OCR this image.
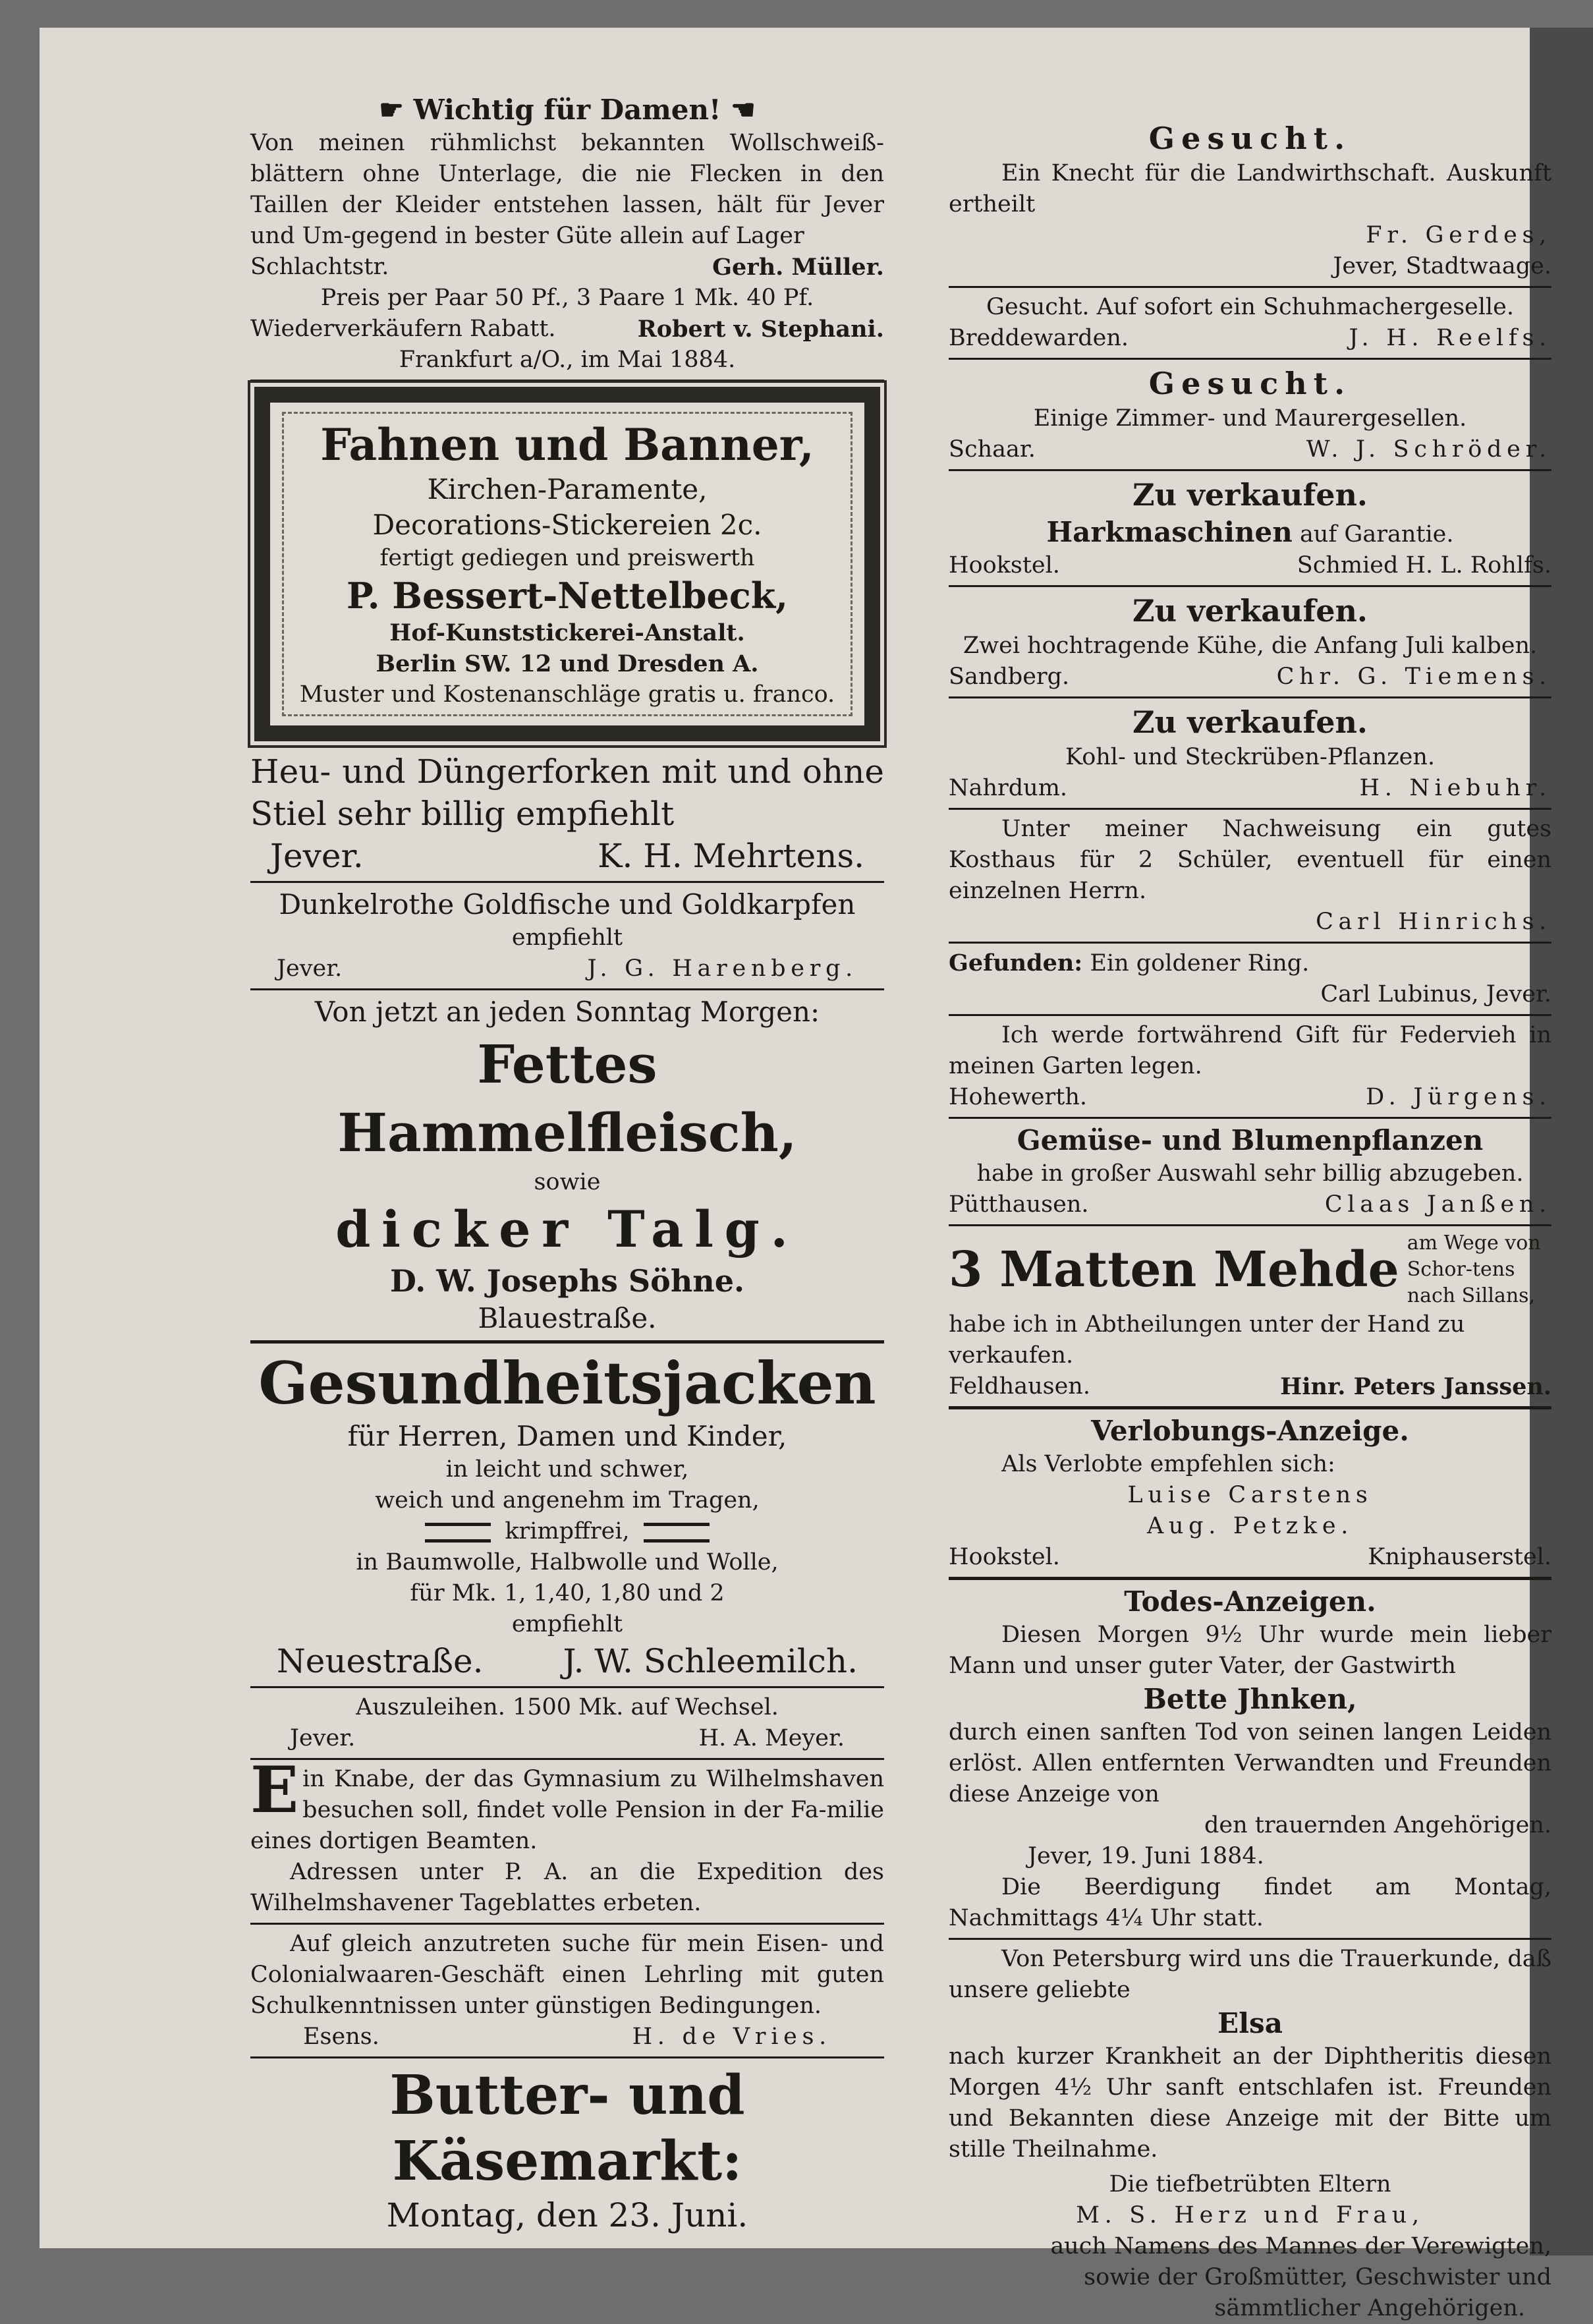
☛ Wichtig für Damen! ☚
Von meinen rühmlichst bekannten Wollschweiß-blättern ohne Unterlage, die nie Flecken in den Taillen der Kleider entstehen lassen, hält für Jever und Um-gegend in bester Güte allein auf Lager
Schlachtstr.	Gerh. Müller.
Preis per Paar 50 Pf., 3 Paare 1 Mk. 40 Pf.
Wiederverkäufern Rabatt.	Robert v. Stephani.
Frankfurt a/O., im Mai 1884.
Fahnen und Banner,
Kirchen-Paramente,
Decorations-Stickereien 2c.
fertigt gediegen und preiswerth
P. Bessert-Nettelbeck,
Hof-Kunststickerei-Anstalt.
Berlin SW. 12 und Dresden A.
Muster und Kostenanschläge gratis u. franco.
Heu- und Düngerforken mit und ohne Stiel sehr billig empfiehlt
Jever.	K. H. Mehrtens.
Dunkelrothe Goldfische und Goldkarpfen
empfiehlt
Jever.	J. G. Harenberg.
Von jetzt an jeden Sonntag Morgen:
Fettes Hammelfleisch,
sowie
dicker Talg.
D. W. Josephs Söhne.
Blauestraße.
Gesundheitsjacken
für Herren, Damen und Kinder,
in leicht und schwer,
weich und angenehm im Tragen,
krimpffrei,
in Baumwolle, Halbwolle und Wolle,
für Mk. 1, 1,40, 1,80 und 2
empfiehlt
Neuestraße. J. W. Schleemilch.
Auszuleihen. 1500 Mk. auf Wechsel.
Jever.	H. A. Meyer.
E in Knabe, der das Gymnasium zu Wilhelmshaven besuchen soll, findet volle Pension in der Fa-milie eines dortigen Beamten.
Adressen unter P. A. an die Expedition des Wilhelmshavener Tageblattes erbeten.
Auf gleich anzutreten suche für mein Eisen- und Colonialwaaren-Geschäft einen Lehrling mit guten Schulkenntnissen unter günstigen Bedingungen.
Esens.	H. de Vries.
Butter- und Käsemarkt:
Montag, den 23. Juni.
Gesucht.
Ein Knecht für die Landwirthschaft. Auskunft ertheilt
Fr. Gerdes,
Jever, Stadtwaage.
Gesucht. Auf sofort ein Schuhmachergeselle.
Breddewarden.	J. H. Reelfs.
Gesucht.
Einige Zimmer- und Maurergesellen.
Schaar.	W. J. Schröder.
Zu verkaufen.
Harkmaschinen auf Garantie.
Hookstel.	Schmied H. L. Rohlfs.
Zu verkaufen.
Zwei hochtragende Kühe, die Anfang Juli kalben.
Sandberg.	Chr. G. Tiemens.
Zu verkaufen.
Kohl- und Steckrüben-Pflanzen.
Nahrdum.	H. Niebuhr.
Unter meiner Nachweisung ein gutes Kosthaus für 2 Schüler, eventuell für einen einzelnen Herrn.
Carl Hinrichs.
Gefunden: Ein goldener Ring.
Carl Lubinus, Jever.
Ich werde fortwährend Gift für Federvieh in meinen Garten legen.
Hohewerth.	D. Jürgens.
Gemüse- und Blumenpflanzen
habe in großer Auswahl sehr billig abzugeben.
Pütthausen.	Claas Janßen.
3 Matten Mehde am Wege von Schor-tens nach Sillans,
habe ich in Abtheilungen unter der Hand zu verkaufen.
Feldhausen.	Hinr. Peters Janssen.
Verlobungs-Anzeige.
Als Verlobte empfehlen sich:
Luise Carstens
Aug. Petzke.
Hookstel.	Kniphauserstel.
Todes-Anzeigen.
Diesen Morgen 9½ Uhr wurde mein lieber Mann und unser guter Vater, der Gastwirth
Bette Jhnken,
durch einen sanften Tod von seinen langen Leiden erlöst. Allen entfernten Verwandten und Freunden diese Anzeige von
den trauernden Angehörigen.
Jever, 19. Juni 1884.
Die Beerdigung findet am Montag, Nachmittags 4¼ Uhr statt.
Von Petersburg wird uns die Trauerkunde, daß unsere geliebte
Elsa
nach kurzer Krankheit an der Diphtheritis diesen Morgen 4½ Uhr sanft entschlafen ist. Freunden und Bekannten diese Anzeige mit der Bitte um stille Theilnahme.
Die tiefbetrübten Eltern
M. S. Herz und Frau,
auch Namens des Mannes der Verewigten,
sowie der Großmütter, Geschwister und
sämmtlicher Angehörigen.
